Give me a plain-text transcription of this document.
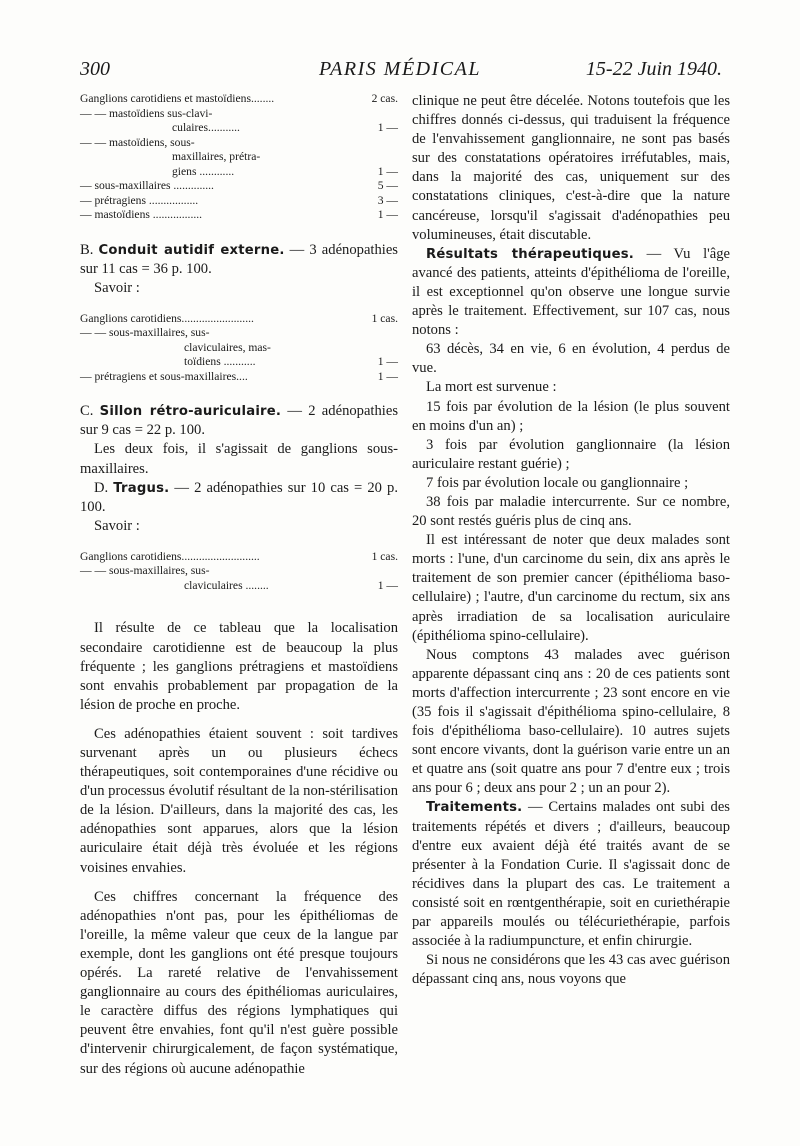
300	PARIS MÉDICAL	15-22 Juin 1940.
Ganglions carotidiens et mastoïdiens........	2 cas.
— — mastoïdiens sus-clavi-
culaires...........	1 —
— — mastoïdiens, sous-
maxillaires, prétra-
giens ............	1 —
— sous-maxillaires ..............	5 —
— prétragiens .................	3 —
— mastoïdiens .................	1 —

B. Conduit autidif externe. — 3 adénopathies sur 11 cas = 36 p. 100.

Savoir :

Ganglions carotidiens.........................	1 cas.
— — sous-maxillaires, sus-
claviculaires, mas-
toïdiens ...........	1 —
— prétragiens et sous-maxillaires....	1 —

C. Sillon rétro-auriculaire. — 2 adénopathies sur 9 cas = 22 p. 100.

Les deux fois, il s'agissait de ganglions sous-maxillaires.

D. Tragus. — 2 adénopathies sur 10 cas = 20 p. 100.

Savoir :

Ganglions carotidiens...........................	1 cas.
— — sous-maxillaires, sus-
claviculaires ........	1 —

Il résulte de ce tableau que la localisation secondaire carotidienne est de beaucoup la plus fréquente ; les ganglions prétragiens et mastoïdiens sont envahis probablement par propagation de la lésion de proche en proche.

Ces adénopathies étaient souvent : soit tardives survenant après un ou plusieurs échecs thérapeutiques, soit contemporaines d'une récidive ou d'un processus évolutif résultant de la non-stérilisation de la lésion. D'ailleurs, dans la majorité des cas, les adénopathies sont apparues, alors que la lésion auriculaire était déjà très évoluée et les régions voisines envahies.

Ces chiffres concernant la fréquence des adénopathies n'ont pas, pour les épithéliomas de l'oreille, la même valeur que ceux de la langue par exemple, dont les ganglions ont été presque toujours opérés. La rareté relative de l'envahissement ganglionnaire au cours des épithéliomas auriculaires, le caractère diffus des régions lymphatiques qui peuvent être envahies, font qu'il n'est guère possible d'intervenir chirurgicalement, de façon systématique, sur des régions où aucune adénopathie

clinique ne peut être décelée. Notons toutefois que les chiffres donnés ci-dessus, qui traduisent la fréquence de l'envahissement ganglionnaire, ne sont pas basés sur des constatations opératoires irréfutables, mais, dans la majorité des cas, uniquement sur des constatations cliniques, c'est-à-dire que la nature cancéreuse, lorsqu'il s'agissait d'adénopathies peu volumineuses, était discutable.

Résultats thérapeutiques. — Vu l'âge avancé des patients, atteints d'épithélioma de l'oreille, il est exceptionnel qu'on observe une longue survie après le traitement. Effectivement, sur 107 cas, nous notons :

63 décès, 34 en vie, 6 en évolution, 4 perdus de vue.

La mort est survenue :

15 fois par évolution de la lésion (le plus souvent en moins d'un an) ;

3 fois par évolution ganglionnaire (la lésion auriculaire restant guérie) ;

7 fois par évolution locale ou ganglionnaire ;

38 fois par maladie intercurrente. Sur ce nombre, 20 sont restés guéris plus de cinq ans.

Il est intéressant de noter que deux malades sont morts : l'une, d'un carcinome du sein, dix ans après le traitement de son premier cancer (épithélioma baso-cellulaire) ; l'autre, d'un carcinome du rectum, six ans après irradiation de sa localisation auriculaire (épithélioma spino-cellulaire).

Nous comptons 43 malades avec guérison apparente dépassant cinq ans : 20 de ces patients sont morts d'affection intercurrente ; 23 sont encore en vie (35 fois il s'agissait d'épithélioma spino-cellulaire, 8 fois d'épithélioma baso-cellulaire). 10 autres sujets sont encore vivants, dont la guérison varie entre un an et quatre ans (soit quatre ans pour 7 d'entre eux ; trois ans pour 6 ; deux ans pour 2 ; un an pour 2).

Traitements. — Certains malades ont subi des traitements répétés et divers ; d'ailleurs, beaucoup d'entre eux avaient déjà été traités avant de se présenter à la Fondation Curie. Il s'agissait donc de récidives dans la plupart des cas. Le traitement a consisté soit en rœntgenthérapie, soit en curiethérapie par appareils moulés ou télécuriethérapie, parfois associée à la radiumpuncture, et enfin chirurgie.

Si nous ne considérons que les 43 cas avec guérison dépassant cinq ans, nous voyons que
